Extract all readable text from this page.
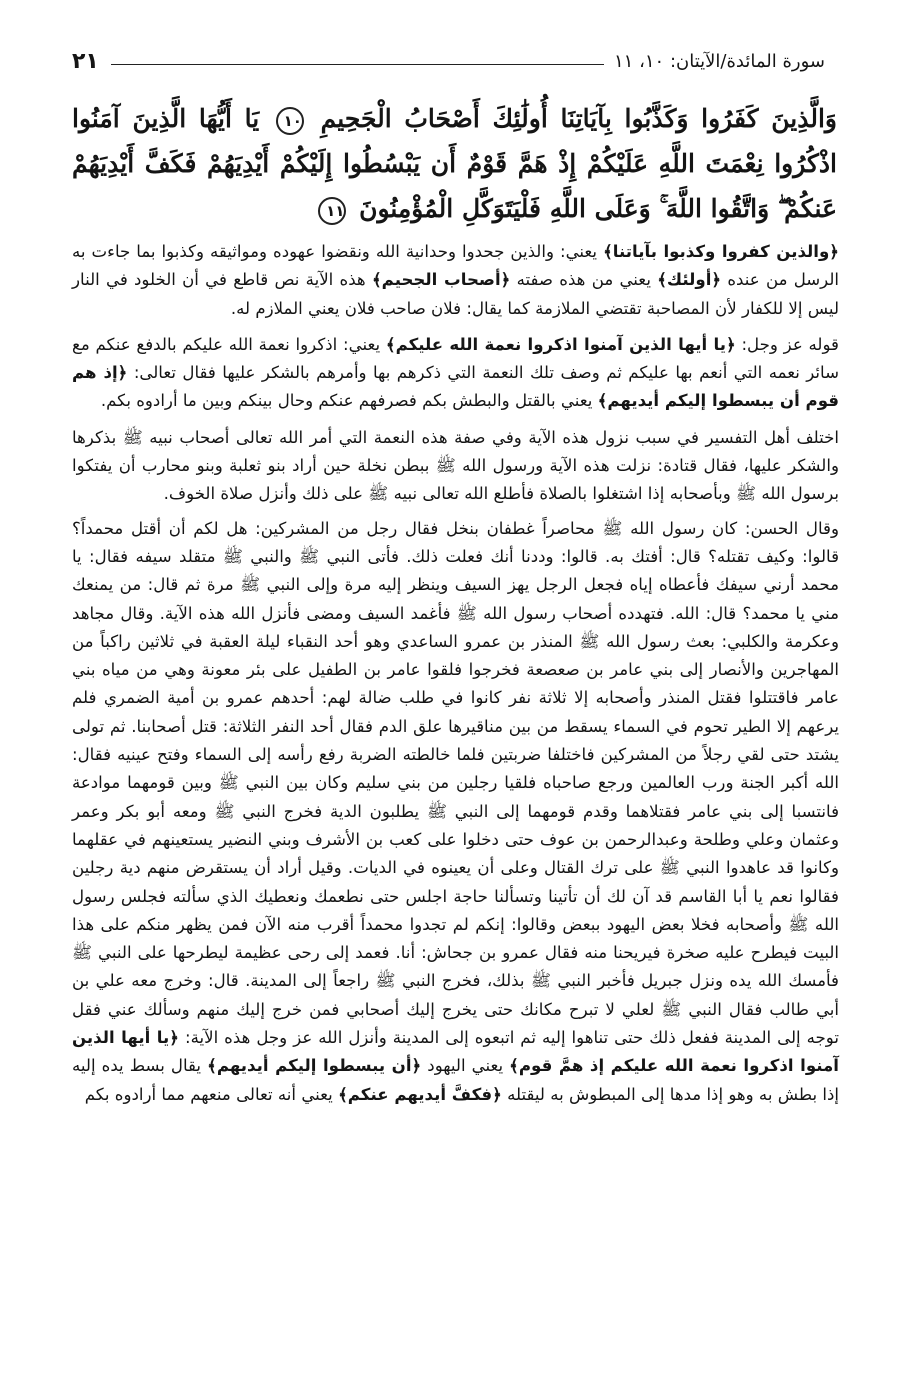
سورة المائدة/الآيتان: ١٠، ١١
٢١
وَالَّذِينَ كَفَرُوا وَكَذَّبُوا بِآيَاتِنَا أُولَٰئِكَ أَصْحَابُ الْجَحِيمِ ١٠ يَا أَيُّهَا الَّذِينَ آمَنُوا اذْكُرُوا نِعْمَتَ اللَّهِ عَلَيْكُمْ إِذْ هَمَّ قَوْمٌ أَن يَبْسُطُوا إِلَيْكُمْ أَيْدِيَهُمْ فَكَفَّ أَيْدِيَهُمْ عَنكُمْ ۖ وَاتَّقُوا اللَّهَ ۚ وَعَلَى اللَّهِ فَلْيَتَوَكَّلِ الْمُؤْمِنُونَ ١١

﴿والذين كفروا وكذبوا بآياتنا﴾ يعني: والذين جحدوا وحدانية الله ونقضوا عهوده ومواثيقه وكذبوا بما جاءت به الرسل من عنده ﴿أولئك﴾ يعني من هذه صفته ﴿أصحاب الجحيم﴾ هذه الآية نص قاطع في أن الخلود في النار ليس إلا للكفار لأن المصاحبة تقتضي الملازمة كما يقال: فلان صاحب فلان يعني الملازم له.

قوله عز وجل: ﴿يا أيها الذين آمنوا اذكروا نعمة الله عليكم﴾ يعني: اذكروا نعمة الله عليكم بالدفع عنكم مع سائر نعمه التي أنعم بها عليكم ثم وصف تلك النعمة التي ذكرهم بها وأمرهم بالشكر عليها فقال تعالى: ﴿إذ هم قوم أن يبسطوا إليكم أيديهم﴾ يعني بالقتل والبطش بكم فصرفهم عنكم وحال بينكم وبين ما أرادوه بكم.

اختلف أهل التفسير في سبب نزول هذه الآية وفي صفة هذه النعمة التي أمر الله تعالى أصحاب نبيه ﷺ بذكرها والشكر عليها، فقال قتادة: نزلت هذه الآية ورسول الله ﷺ ببطن نخلة حين أراد بنو ثعلبة وبنو محارب أن يفتكوا برسول الله ﷺ وبأصحابه إذا اشتغلوا بالصلاة فأطلع الله تعالى نبيه ﷺ على ذلك وأنزل صلاة الخوف.

وقال الحسن: كان رسول الله ﷺ محاصراً غطفان بنخل فقال رجل من المشركين: هل لكم أن أقتل محمداً؟ قالوا: وكيف تقتله؟ قال: أفتك به. قالوا: وددنا أنك فعلت ذلك. فأتى النبي ﷺ والنبي ﷺ متقلد سيفه فقال: يا محمد أرني سيفك فأعطاه إياه فجعل الرجل يهز السيف وينظر إليه مرة وإلى النبي ﷺ مرة ثم قال: من يمنعك مني يا محمد؟ قال: الله. فتهدده أصحاب رسول الله ﷺ فأغمد السيف ومضى فأنزل الله هذه الآية. وقال مجاهد وعكرمة والكلبي: بعث رسول الله ﷺ المنذر بن عمرو الساعدي وهو أحد النقباء ليلة العقبة في ثلاثين راكباً من المهاجرين والأنصار إلى بني عامر بن صعصعة فخرجوا فلقوا عامر بن الطفيل على بئر معونة وهي من مياه بني عامر فاقتتلوا فقتل المنذر وأصحابه إلا ثلاثة نفر كانوا في طلب ضالة لهم: أحدهم عمرو بن أمية الضمري فلم يرعهم إلا الطير تحوم في السماء يسقط من بين مناقيرها علق الدم فقال أحد النفر الثلاثة: قتل أصحابنا. ثم تولى يشتد حتى لقي رجلاً من المشركين فاختلفا ضربتين فلما خالطته الضربة رفع رأسه إلى السماء وفتح عينيه فقال: الله أكبر الجنة ورب العالمين ورجع صاحباه فلقيا رجلين من بني سليم وكان بين النبي ﷺ وبين قومهما موادعة فانتسبا إلى بني عامر فقتلاهما وقدم قومهما إلى النبي ﷺ يطلبون الدية فخرج النبي ﷺ ومعه أبو بكر وعمر وعثمان وعلي وطلحة وعبدالرحمن بن عوف حتى دخلوا على كعب بن الأشرف وبني النضير يستعينهم في عقلهما وكانوا قد عاهدوا النبي ﷺ على ترك القتال وعلى أن يعينوه في الديات. وقيل أراد أن يستقرض منهم دية رجلين فقالوا نعم يا أبا القاسم قد آن لك أن تأتينا وتسألنا حاجة اجلس حتى نطعمك ونعطيك الذي سألته فجلس رسول الله ﷺ وأصحابه فخلا بعض اليهود ببعض وقالوا: إنكم لم تجدوا محمداً أقرب منه الآن فمن يظهر منكم على هذا البيت فيطرح عليه صخرة فيريحنا منه فقال عمرو بن جحاش: أنا. فعمد إلى رحى عظيمة ليطرحها على النبي ﷺ فأمسك الله يده ونزل جبريل فأخبر النبي ﷺ بذلك، فخرج النبي ﷺ راجعاً إلى المدينة. قال: وخرج معه علي بن أبي طالب فقال النبي ﷺ لعلي لا تبرح مكانك حتى يخرج إليك أصحابي فمن خرج إليك منهم وسألك عني فقل توجه إلى المدينة ففعل ذلك حتى تناهوا إليه ثم اتبعوه إلى المدينة وأنزل الله عز وجل هذه الآية: ﴿يا أيها الذين آمنوا اذكروا نعمة الله عليكم إذ همَّ قوم﴾ يعني اليهود ﴿أن يبسطوا إليكم أيديهم﴾ يقال بسط يده إليه إذا بطش به وهو إذا مدها إلى المبطوش به ليقتله ﴿فكفَّ أيديهم عنكم﴾ يعني أنه تعالى منعهم مما أرادوه بكم
